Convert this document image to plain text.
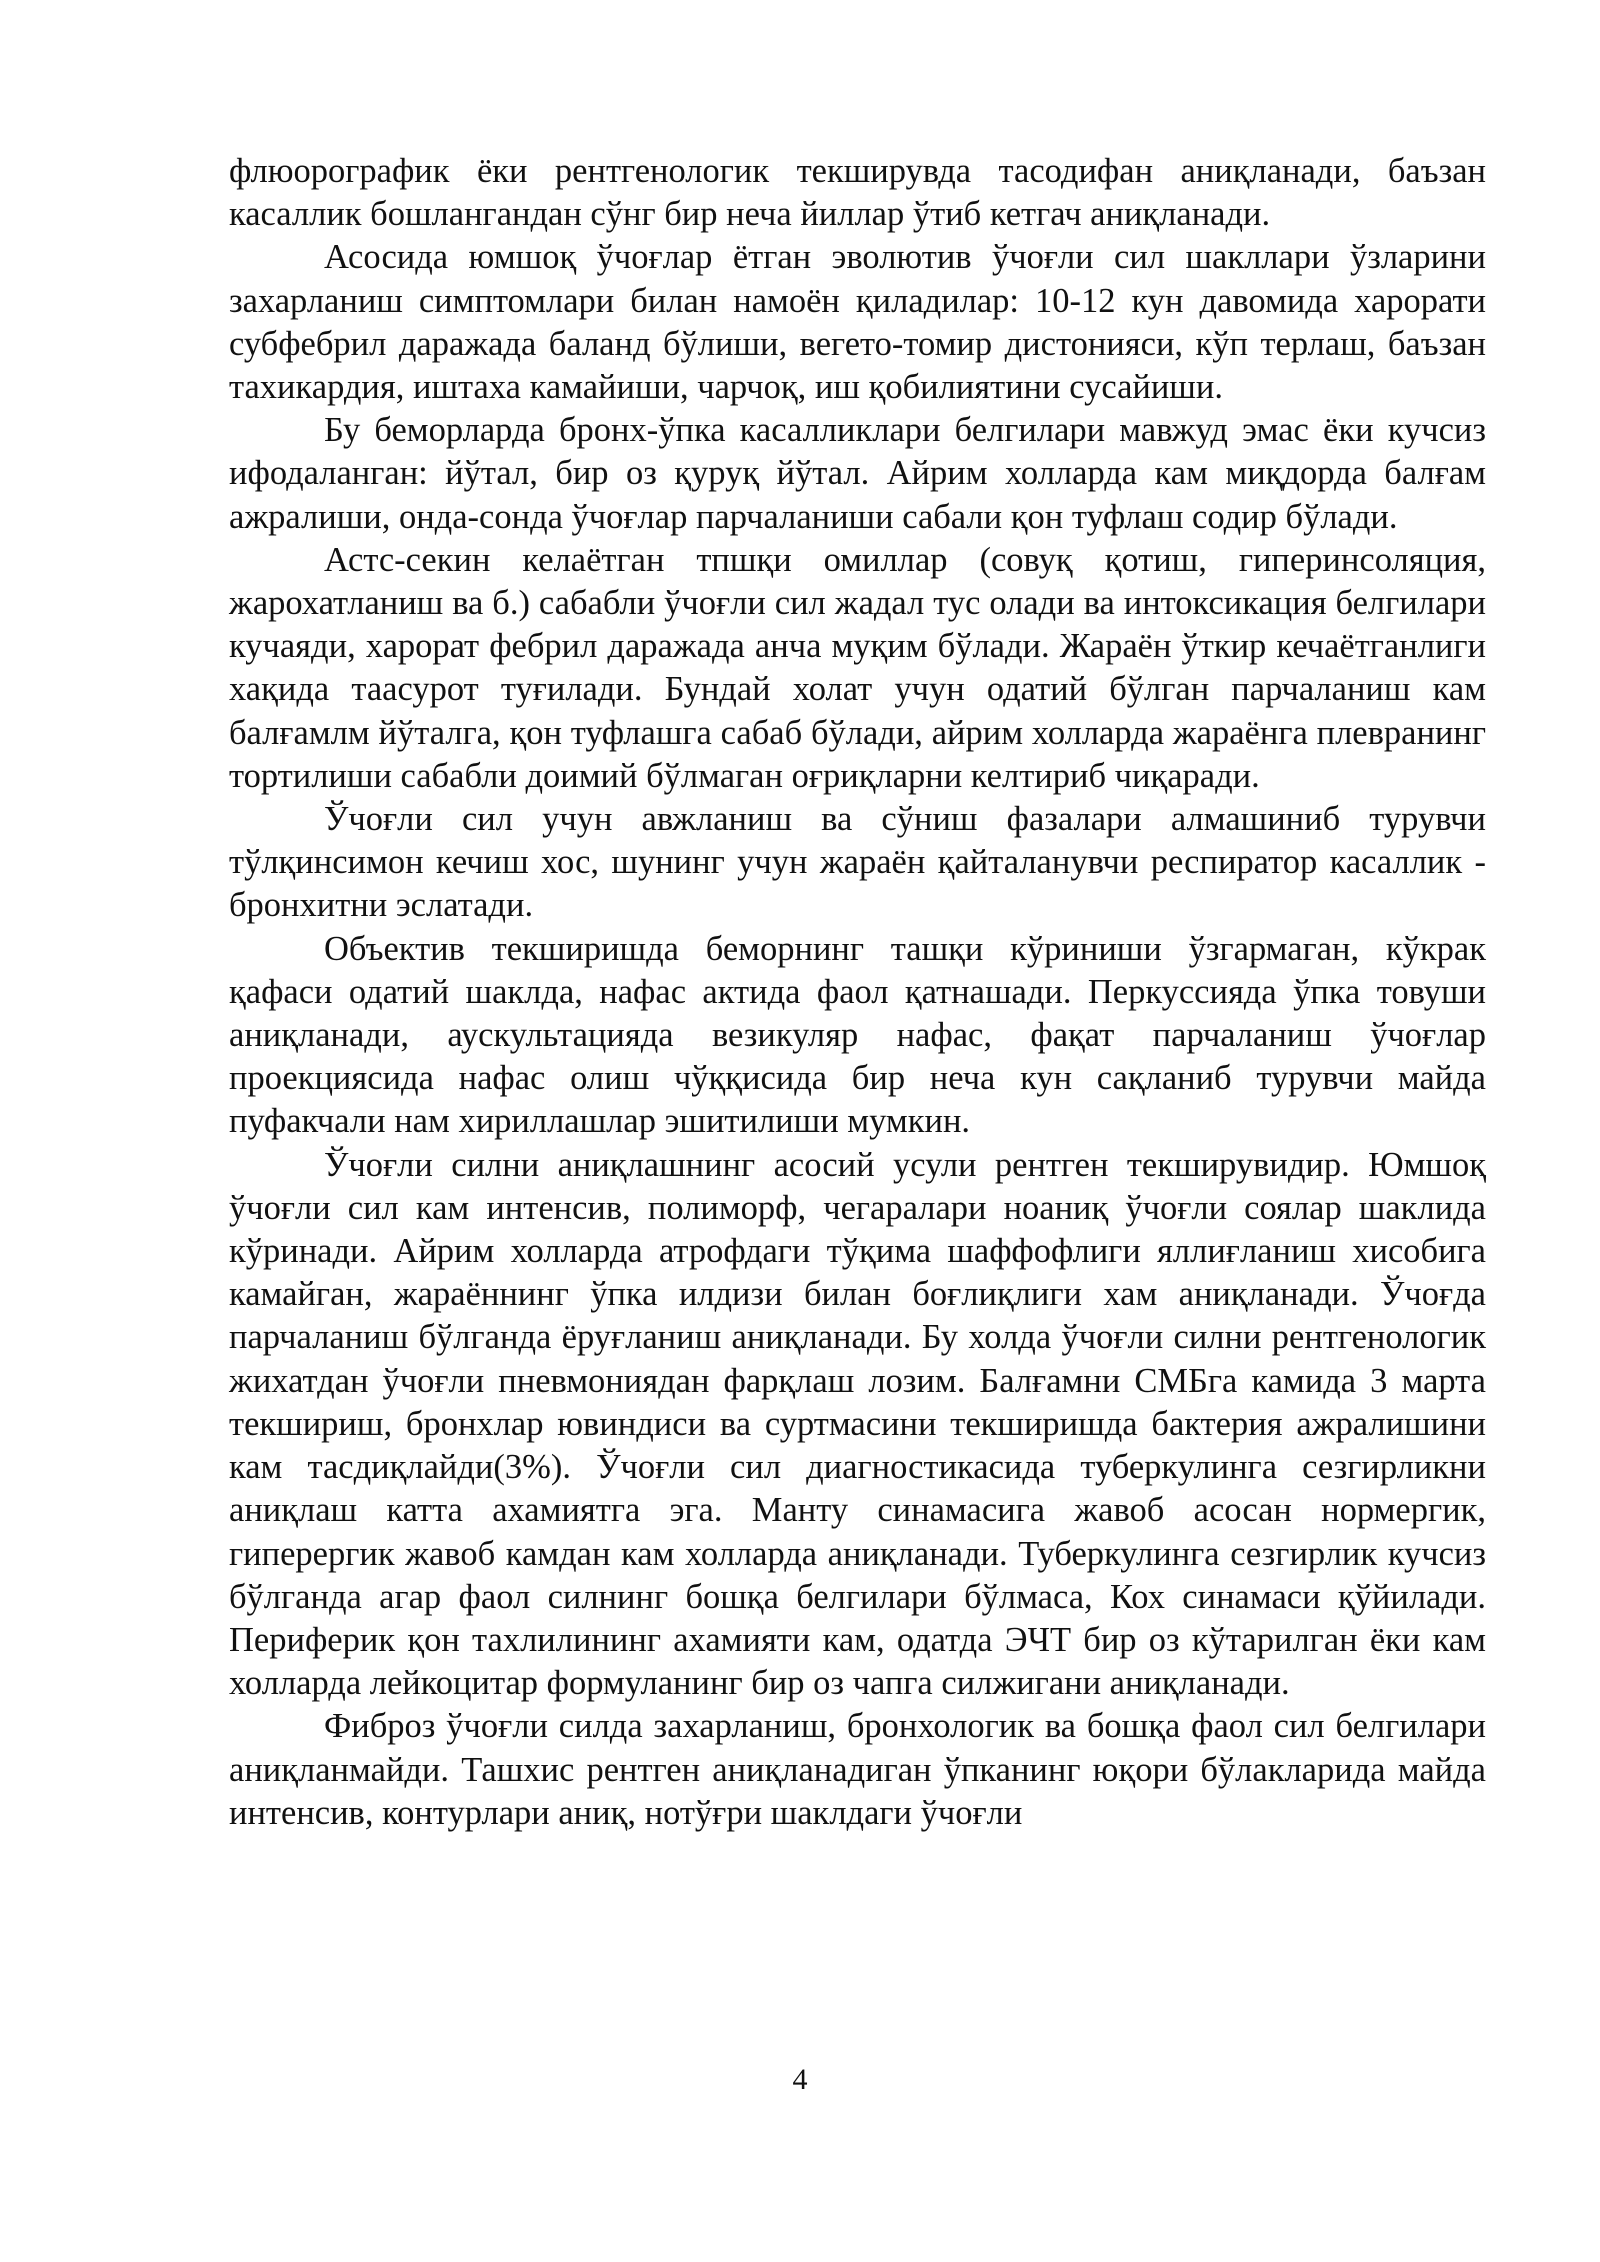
флюорографик ёки рентгенологик текширувда тасодифан аниқланади, баъзан касаллик бошлангандан сўнг бир неча йиллар ўтиб кетгач аниқланади.

Асосида юмшоқ ўчоғлар ётган эволютив ўчоғли сил шакллари ўзларини захарланиш симптомлари билан намоён қиладилар: 10-12 кун давомида харорати субфебрил даражада баланд бўлиши, вегето-томир дистонияси, кўп терлаш, баъзан тахикардия, иштаха камайиши, чарчоқ, иш қобилиятини сусайиши.

Бу беморларда бронх-ўпка касалликлари белгилари мавжуд эмас ёки кучсиз ифодаланган: йўтал, бир оз қуруқ йўтал. Айрим холларда кам миқдорда балғам ажралиши, онда-сонда ўчоғлар парчаланиши сабали қон туфлаш содир бўлади.

Астс-секин келаётган тпшқи омиллар (совуқ қотиш, гиперинсоляция, жарохатланиш ва б.) сабабли ўчоғли сил жадал тус олади ва интоксикация белгилари кучаяди, харорат фебрил даражада анча муқим бўлади. Жараён ўткир кечаётганлиги хақида таасурот туғилади. Бундай холат учун одатий бўлган парчаланиш кам балғамлм йўталга, қон туфлашга сабаб бўлади, айрим холларда жараёнга плевранинг тортилиши сабабли доимий бўлмаган оғриқларни келтириб чиқаради.

Ўчоғли сил учун авжланиш ва сўниш фазалари алмашиниб турувчи тўлқинсимон кечиш хос, шунинг учун жараён қайталанувчи респиратор касаллик - бронхитни эслатади.

Объектив текширишда беморнинг ташқи кўриниши ўзгармаган, кўкрак қафаси одатий шаклда, нафас актида фаол қатнашади. Перкуссияда ўпка товуши аниқланади, аускультацияда везикуляр нафас, фақат парчаланиш ўчоғлар проекциясида нафас олиш чўққисида бир неча кун сақланиб турувчи майда пуфакчали нам хириллашлар эшитилиши мумкин.

Ўчоғли силни аниқлашнинг асосий усули рентген текширувидир. Юмшоқ ўчоғли сил кам интенсив, полиморф, чегаралари ноаниқ ўчоғли соялар шаклида кўринади. Айрим холларда атрофдаги тўқима шаффофлиги яллиғланиш хисобига камайган, жараённинг ўпка илдизи билан боғлиқлиги хам аниқланади. Ўчоғда парчаланиш бўлганда ёруғланиш аниқланади. Бу холда ўчоғли силни рентгенологик жихатдан ўчоғли пневмониядан фарқлаш лозим. Балғамни СМБга камида 3 марта текшириш, бронхлар ювиндиси ва суртмасини текширишда бактерия ажралишини кам тасдиқлайди(3%). Ўчоғли сил диагностикасида туберкулинга сезгирликни аниқлаш катта ахамиятга эга. Манту синамасига жавоб асосан нормергик, гиперергик жавоб камдан кам холларда аниқланади. Туберкулинга сезгирлик кучсиз бўлганда агар фаол силнинг бошқа белгилари бўлмаса, Кох синамаси қўйилади. Периферик қон тахлилининг ахамияти кам, одатда ЭЧТ бир оз кўтарилган ёки кам холларда лейкоцитар формуланинг бир оз чапга силжигани аниқланади.

Фиброз ўчоғли силда захарланиш, бронхологик ва бошқа фаол сил белгилари аниқланмайди. Ташхис рентген аниқланадиган ўпканинг юқори бўлакларида майда интенсив, контурлари аниқ, нотўғри шаклдаги ўчоғли

4
